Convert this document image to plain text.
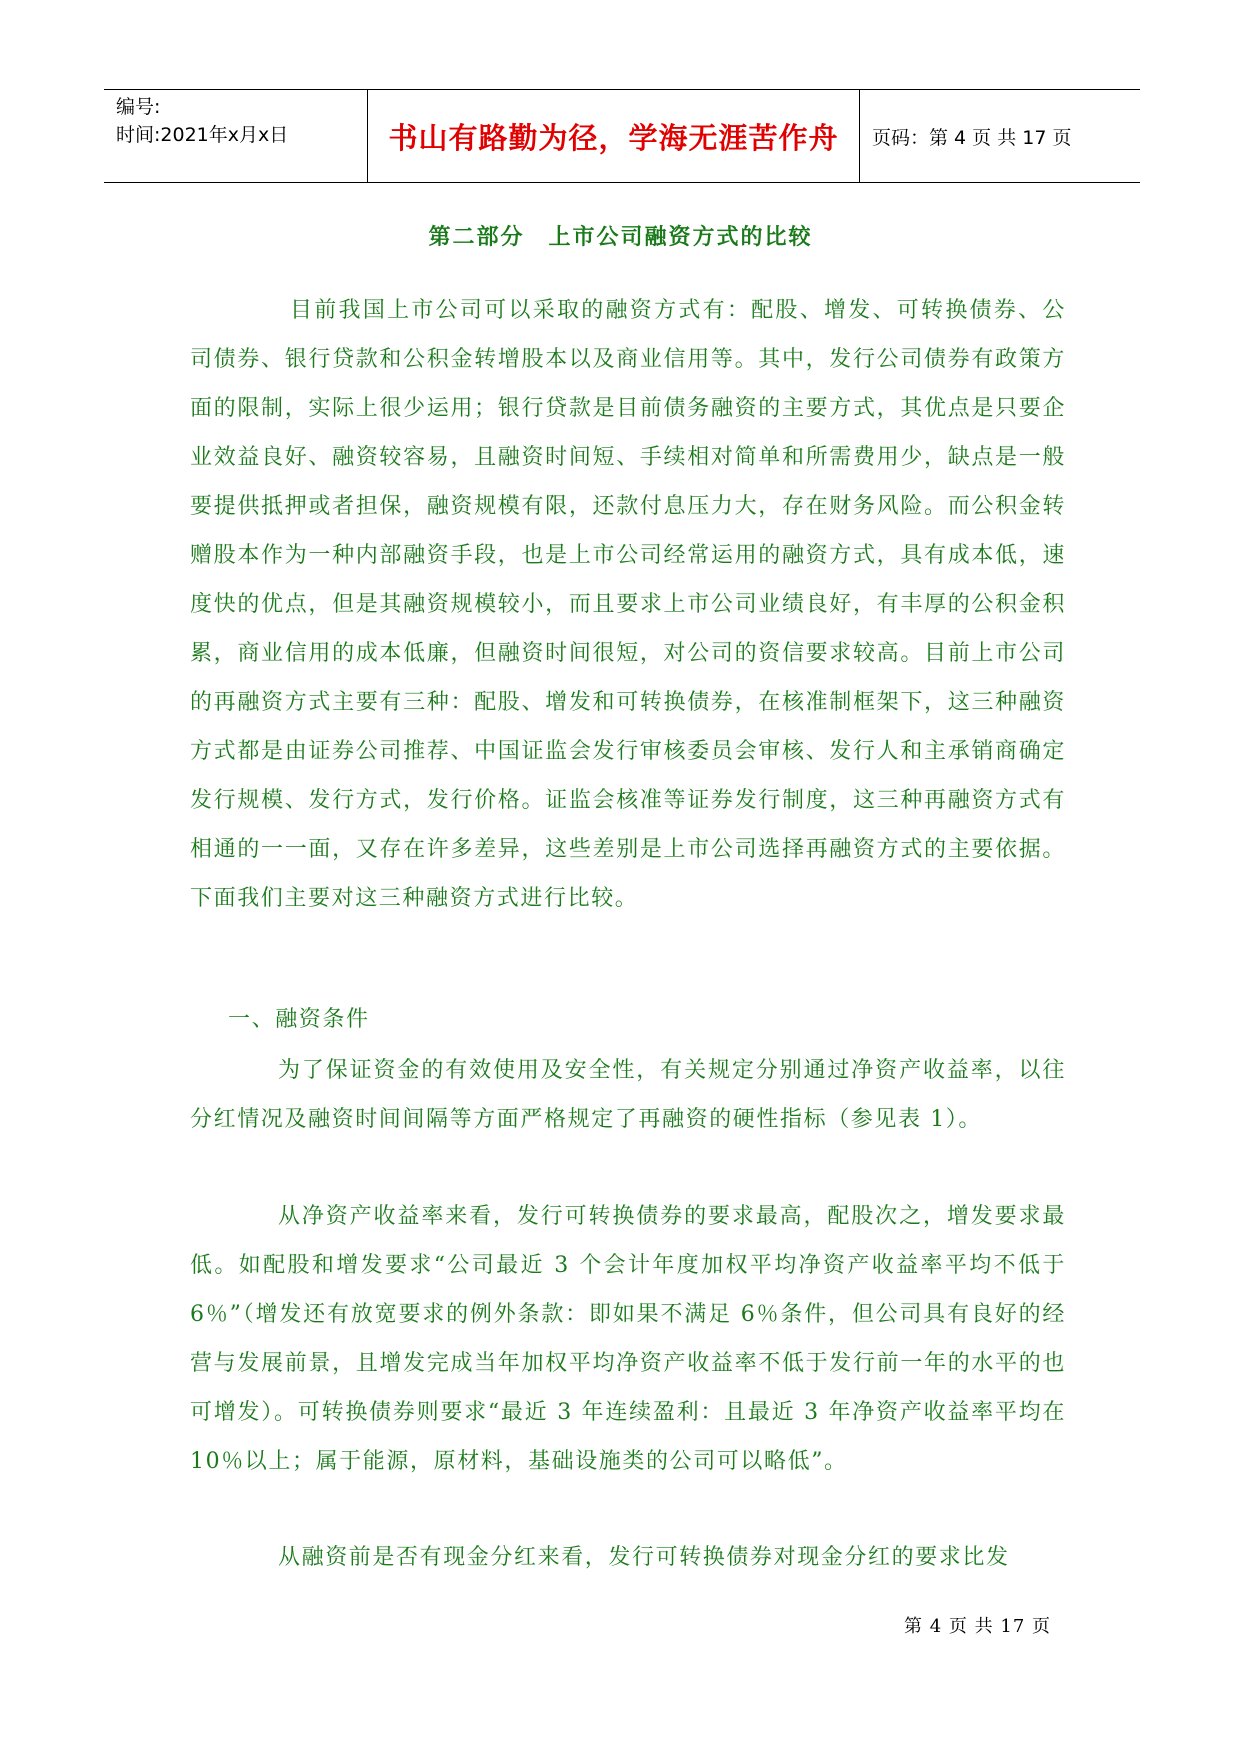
编号:
时间:2021年x月x日	书山有路勤为径，学海无涯苦作舟 页码：第 4 页 共 17 页
第二部分　上市公司融资方式的比较

目前我国上市公司可以采取的融资方式有：配股、增发、可转换债券、公司债券、银行贷款和公积金转增股本以及商业信用等。其中，发行公司债券有政策方面的限制，实际上很少运用；银行贷款是目前债务融资的主要方式，其优点是只要企业效益良好、融资较容易，且融资时间短、手续相对简单和所需费用少，缺点是一般要提供抵押或者担保，融资规模有限，还款付息压力大，存在财务风险。而公积金转赠股本作为一种内部融资手段，也是上市公司经常运用的融资方式，具有成本低，速度快的优点，但是其融资规模较小，而且要求上市公司业绩良好，有丰厚的公积金积累，商业信用的成本低廉，但融资时间很短，对公司的资信要求较高。目前上市公司的再融资方式主要有三种：配股、增发和可转换债券，在核准制框架下，这三种融资方式都是由证券公司推荐、中国证监会发行审核委员会审核、发行人和主承销商确定发行规模、发行方式，发行价格。证监会核准等证券发行制度，这三种再融资方式有相通的一一面，又存在许多差异，这些差别是上市公司选择再融资方式的主要依据。下面我们主要对这三种融资方式进行比较。

一、融资条件

为了保证资金的有效使用及安全性，有关规定分别通过净资产收益率，以往分红情况及融资时间间隔等方面严格规定了再融资的硬性指标（参见表 1）。

从净资产收益率来看，发行可转换债券的要求最高，配股次之，增发要求最低。如配股和增发要求“公司最近 3 个会计年度加权平均净资产收益率平均不低于 6％”（增发还有放宽要求的例外条款：即如果不满足 6％条件，但公司具有良好的经营与发展前景，且增发完成当年加权平均净资产收益率不低于发行前一年的水平的也可增发）。可转换债券则要求“最近 3 年连续盈利：且最近 3 年净资产收益率平均在 10％以上；属于能源，原材料，基础设施类的公司可以略低”。

从融资前是否有现金分红来看，发行可转换债券对现金分红的要求比发

第 4 页 共 17 页
